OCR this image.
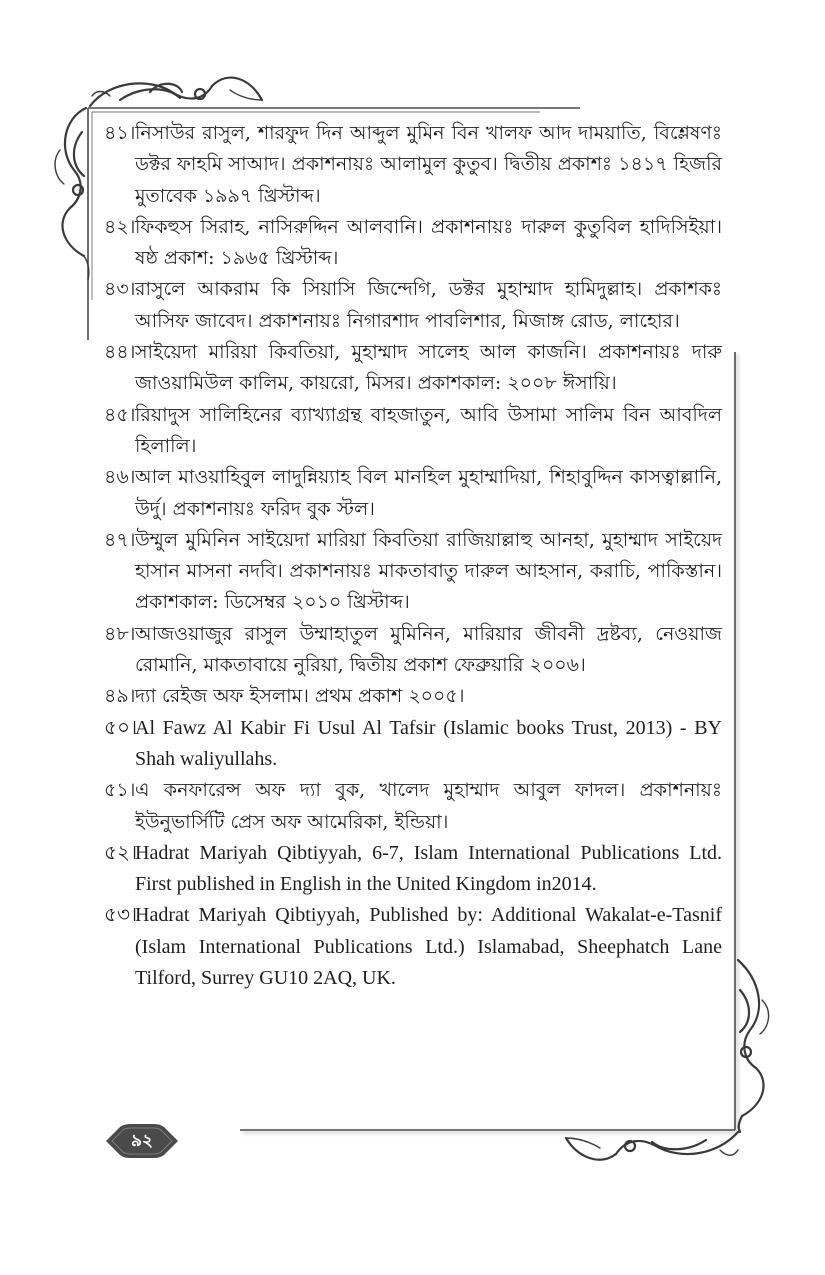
৪১। নিসাউর রাসুল, শারফুদ দিন আব্দুল মুমিন বিন খালফ আদ দাময়াতি, বিশ্লেষণঃ ডক্টর ফাহমি সাআদ। প্রকাশনায়ঃ আলামুল কুতুব। দ্বিতীয় প্রকাশঃ ১৪১৭ হিজরি মুতাবেক ১৯৯৭ খ্রিস্টাব্দ।
৪২। ফিকহুস সিরাহ, নাসিরুদ্দিন আলবানি। প্রকাশনায়ঃ দারুল কুতুবিল হাদিসিইয়া। ষষ্ঠ প্রকাশ: ১৯৬৫ খ্রিস্টাব্দ।
৪৩। রাসুলে আকরাম কি সিয়াসি জিন্দেগি, ডক্টর মুহাম্মাদ হামিদুল্লাহ। প্রকাশকঃ আসিফ জাবেদ। প্রকাশনায়ঃ নিগারশাদ পাবলিশার, মিজাঙ্গ রোড, লাহোর।
৪৪। সাইয়েদা মারিয়া কিবতিয়া, মুহাম্মাদ সালেহ আল কাজনি। প্রকাশনায়ঃ দারু জাওয়ামিউল কালিম, কায়রো, মিসর। প্রকাশকাল: ২০০৮ ঈসায়ি।
৪৫। রিয়াদুস সালিহিনের ব্যাখ্যাগ্রন্থ বাহজাতুন, আবি উসামা সালিম বিন আবদিল হিলালি।
৪৬। আল মাওয়াহিবুল লাদুন্নিয়্যাহ বিল মানহিল মুহাম্মাদিয়া, শিহাবুদ্দিন কাসত্বাল্লানি, উর্দু। প্রকাশনায়ঃ ফরিদ বুক স্টল।
৪৭। উম্মুল মুমিনিন সাইয়েদা মারিয়া কিবতিয়া রাজিয়াল্লাহু আনহা, মুহাম্মাদ সাইয়েদ হাসান মাসনা নদবি। প্রকাশনায়ঃ মাকতাবাতু দারুল আহসান, করাচি, পাকিস্তান। প্রকাশকাল: ডিসেম্বর ২০১০ খ্রিস্টাব্দ।
৪৮। আজওয়াজুর রাসুল উম্মাহাতুল মুমিনিন, মারিয়ার জীবনী দ্রষ্টব্য, নেওয়াজ রোমানি, মাকতাবায়ে নুরিয়া, দ্বিতীয় প্রকাশ ফেব্রুয়ারি ২০০৬।
৪৯। দ্যা রেইজ অফ ইসলাম। প্রথম প্রকাশ ২০০৫।
৫০।
Al Fawz Al Kabir Fi Usul Al Tafsir (Islamic books Trust, 2013) - BY Shah waliyullahs.
৫১। এ কনফারেন্স অফ দ্যা বুক, খালেদ মুহাম্মাদ আবুল ফাদল। প্রকাশনায়ঃ ইউনুভার্সিটি প্রেস অফ আমেরিকা, ইন্ডিয়া।
৫২।
Hadrat Mariyah Qibtiyyah, 6-7, Islam International Publications Ltd. First published in English in the United Kingdom in2014.
৫৩।
Hadrat Mariyah Qibtiyyah, Published by: Additional Wakalat-e-Tasnif (Islam International Publications Ltd.) Islamabad, Sheephatch Lane Tilford, Surrey GU10 2AQ, UK.
৯২
